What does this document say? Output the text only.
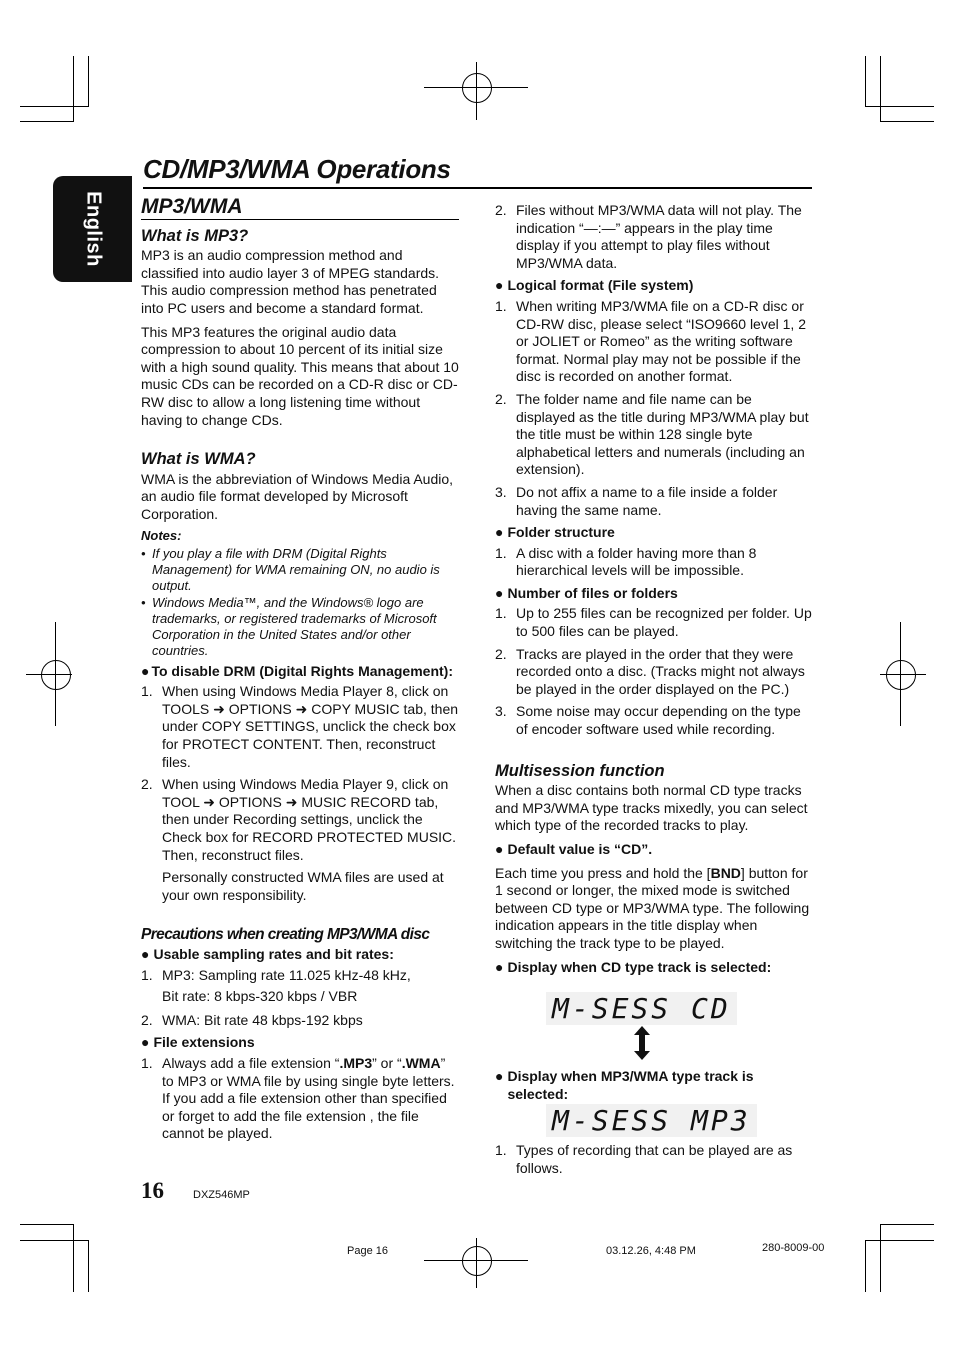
English
CD/MP3/WMA Operations
MP3/WMA
What is MP3?

MP3 is an audio compression method and classified into audio layer 3 of MPEG standards. This audio compression method has penetrated into PC users and become a standard format.

This MP3 features the original audio data compression to about 10 percent of its initial size with a high sound quality. This means that about 10 music CDs can be recorded on a CD-R disc or CD-RW disc to allow a long listening time without having to change CDs.

What is WMA?

WMA is the abbreviation of Windows Media Audio, an audio file format developed by Microsoft Corporation.

Notes:
• If you play a file with DRM (Digital Rights Management) for WMA remaining ON, no audio is output.
• Windows Media™, and the Windows® logo are trademarks, or registered trademarks of Microsoft Corporation in the United States and/or other countries.
● To disable DRM (Digital Rights Management):
1. When using Windows Media Player 8, click on TOOLS ➜ OPTIONS ➜ COPY MUSIC tab, then under COPY SETTINGS, unclick the check box for PROTECT CONTENT. Then, reconstruct files.
2. When using Windows Media Player 9, click on TOOL ➜ OPTIONS ➜ MUSIC RECORD tab, then under Recording settings, unclick the Check box for RECORD PROTECTED MUSIC. Then, reconstruct files.

Personally constructed WMA files are used at your own responsibility.

Precautions when creating MP3/WMA disc
● Usable sampling rates and bit rates:
1. MP3: Sampling rate 11.025 kHz-48 kHz,

Bit rate: 8 kbps-320 kbps / VBR

2. WMA: Bit rate 48 kbps-192 kbps
● File extensions
1. Always add a file extension “.MP3” or “.WMA” to MP3 or WMA file by using single byte letters. If you add a file extension other than specified or forget to add the file extension , the file cannot be played.
2. Files without MP3/WMA data will not play. The indication “—:—” appears in the play time display if you attempt to play files without MP3/WMA data.
● Logical format (File system)
1. When writing MP3/WMA file on a CD-R disc or CD-RW disc, please select “ISO9660 level 1, 2 or JOLIET or Romeo” as the writing software format. Normal play may not be possible if the disc is recorded on another format.
2. The folder name and file name can be displayed as the title during MP3/WMA play but the title must be within 128 single byte alphabetical letters and numerals (including an extension).
3. Do not affix a name to a file inside a folder having the same name.
● Folder structure
1. A disc with a folder having more than 8 hierarchical levels will be impossible.
● Number of files or folders
1. Up to 255 files can be recognized per folder. Up to 500 files can be played.
2. Tracks are played in the order that they were recorded onto a disc. (Tracks might not always be played in the order displayed on the PC.)
3. Some noise may occur depending on the type of encoder software used while recording.
Multisession function

When a disc contains both normal CD type tracks and MP3/WMA type tracks mixedly, you can select which type of the recorded tracks to play.

● Default value is “CD”.

Each time you press and hold the [BND] button for 1 second or longer, the mixed mode is switched between CD type or MP3/WMA type. The following indication appears in the title display when switching the track type to be played.

● Display when CD type track is selected:
M-SESS CD
● Display when MP3/WMA type track is selected:
M-SESS MP3
1. Types of recording that can be played are as follows.
16	DXZ546MP
Page 16	03.12.26, 4:48 PM	280-8009-00
